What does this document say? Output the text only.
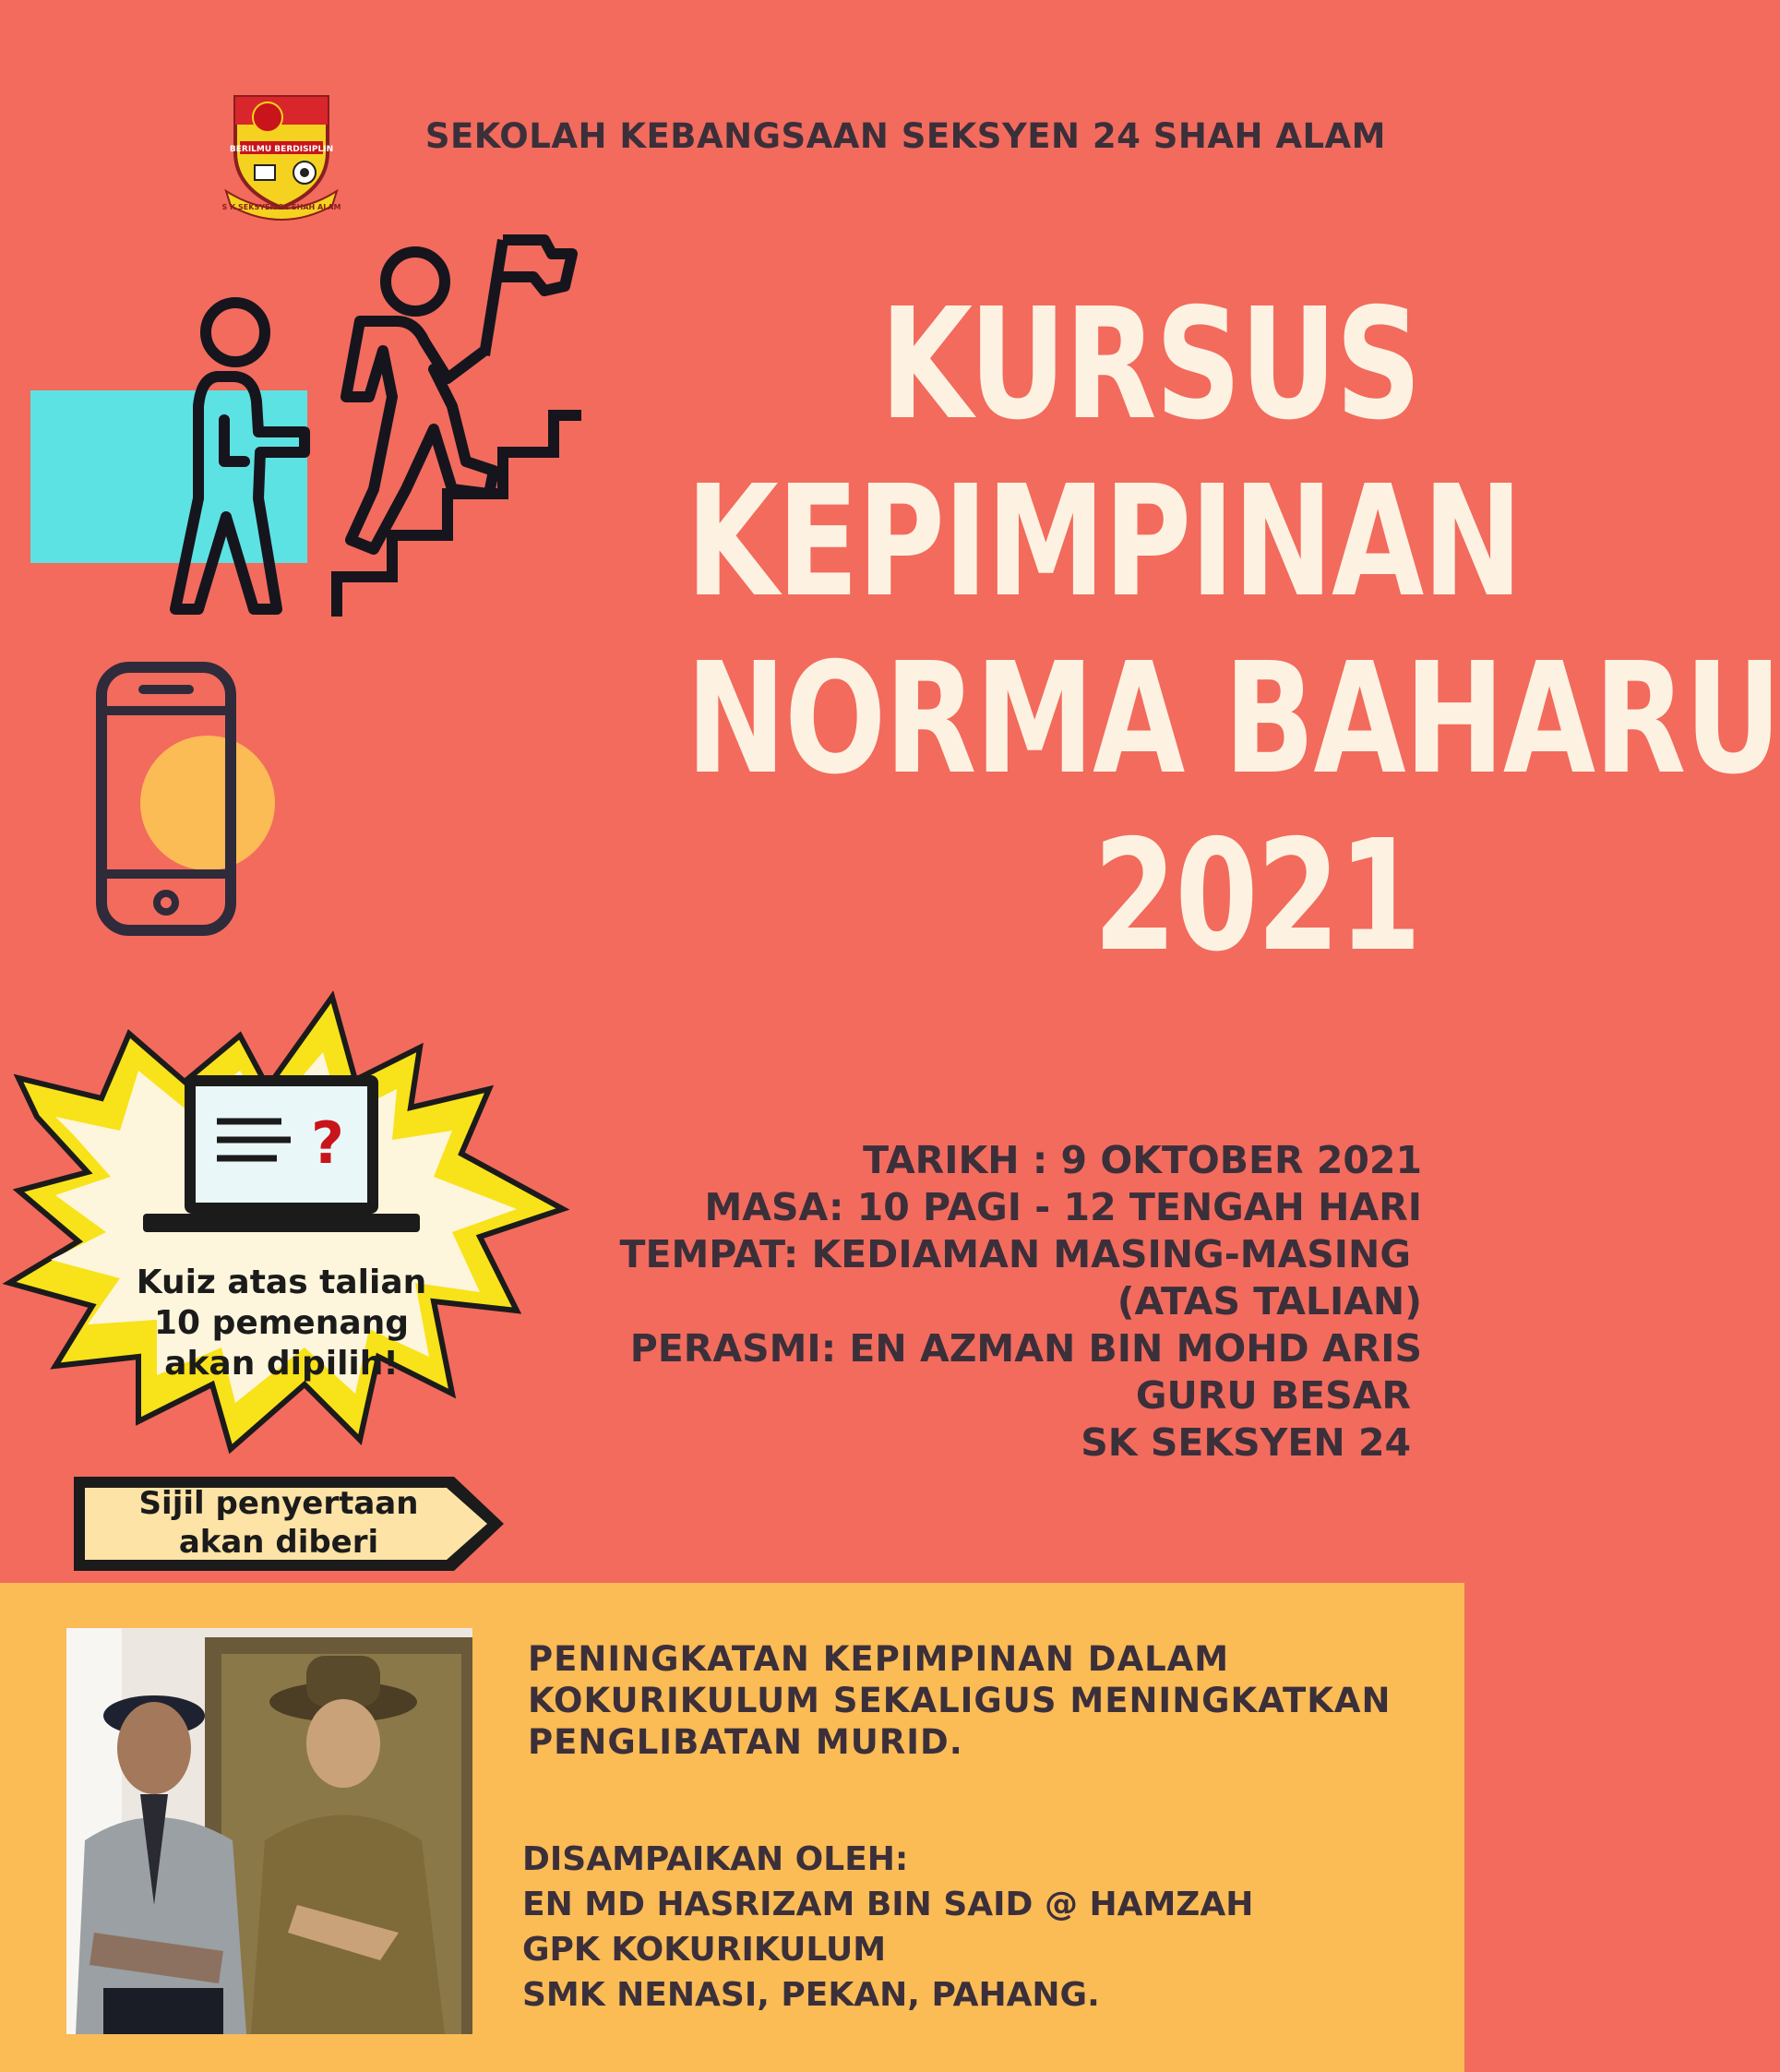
BERILMU BERDISIPLIN
S K SEKSYEN 24 SHAH ALAM
SEKOLAH KEBANGSAAN SEKSYEN 24 SHAH ALAM
KURSUS
KEPIMPINAN
NORMA BAHARU
2021
?
Kuiz atas talian
10 pemenang
akan dipilih!
Sijil penyertaan
akan diberi
TARIKH : 9 OKTOBER 2021
MASA: 10 PAGI - 12 TENGAH HARI
TEMPAT: KEDIAMAN MASING-MASING
(ATAS TALIAN)
PERASMI: EN AZMAN BIN MOHD ARIS
GURU BESAR
SK SEKSYEN 24
PENINGKATAN KEPIMPINAN DALAM
KOKURIKULUM SEKALIGUS MENINGKATKAN
PENGLIBATAN MURID.
DISAMPAIKAN OLEH:
EN MD HASRIZAM BIN SAID @ HAMZAH
GPK KOKURIKULUM
SMK NENASI, PEKAN, PAHANG.
